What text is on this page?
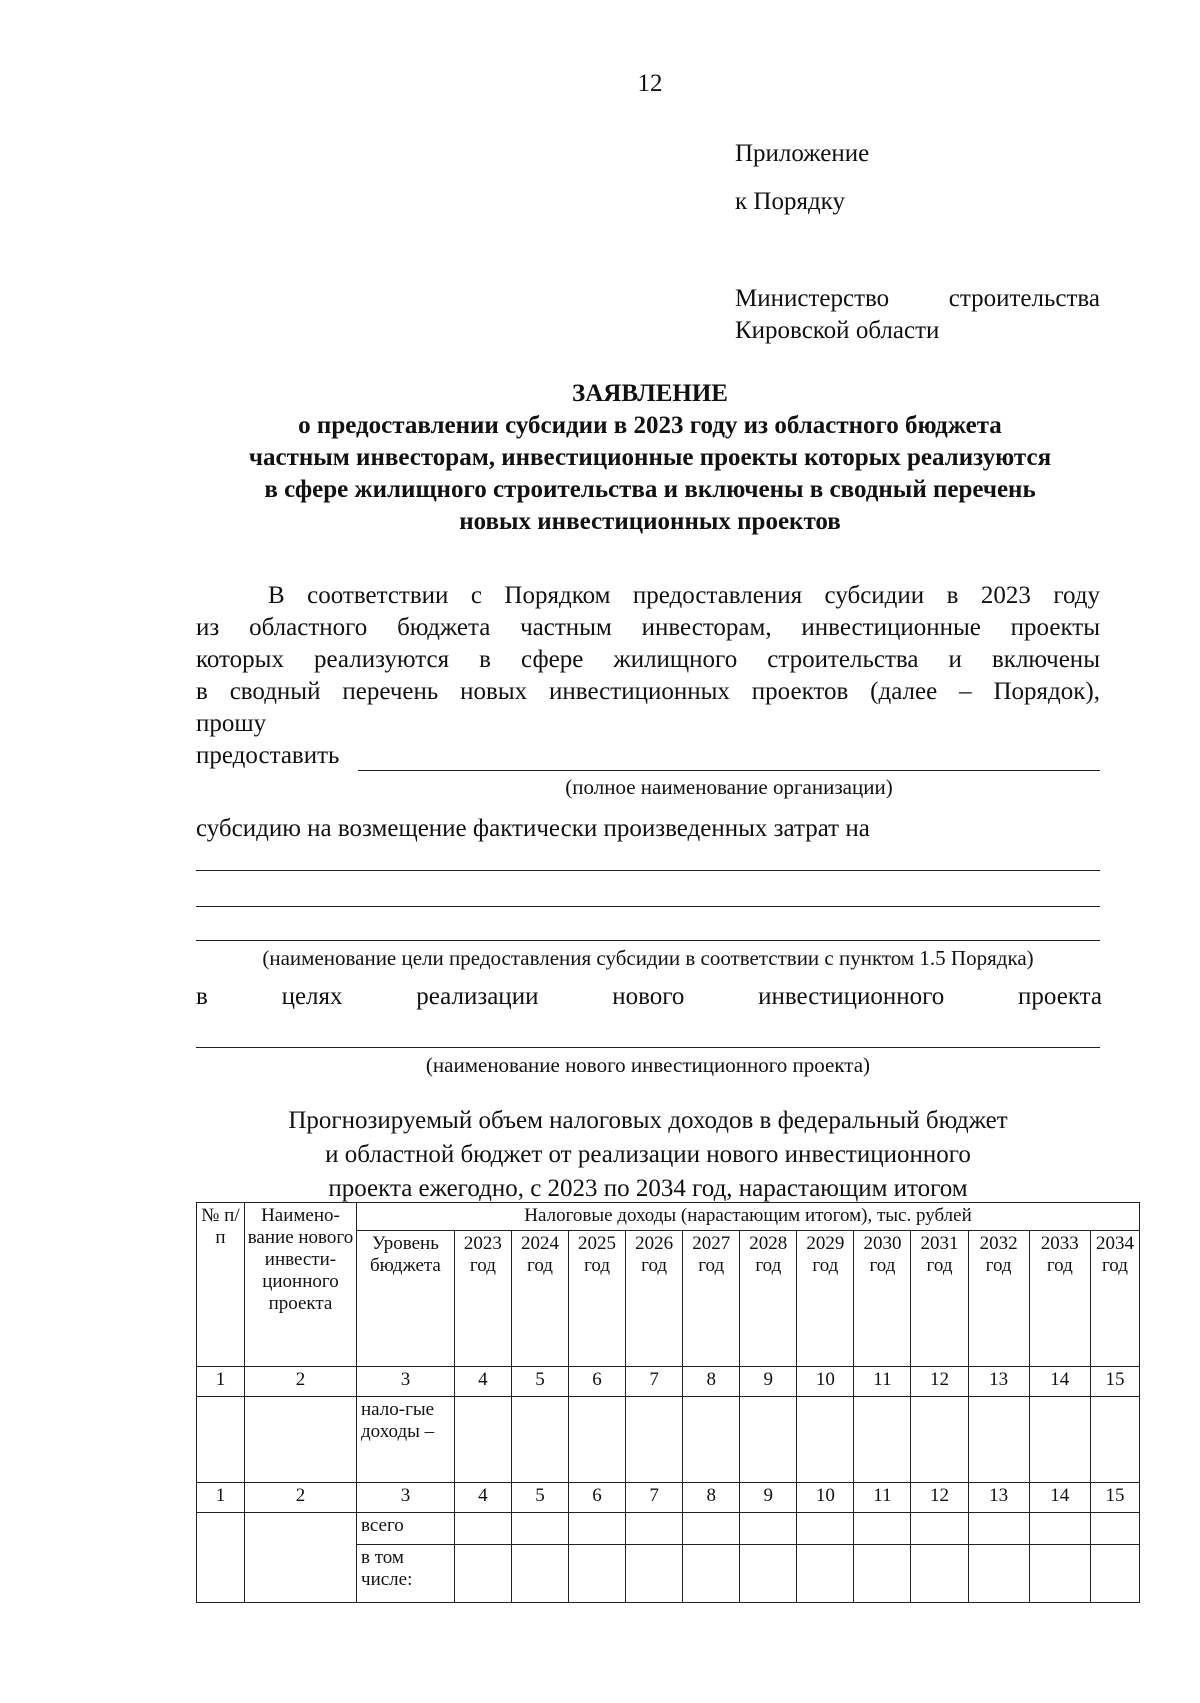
12
Приложение
к Порядку
Министерство строительства
Кировской области
ЗАЯВЛЕНИЕ
о предоставлении субсидии в 2023 году из областного бюджета
частным инвесторам, инвестиционные проекты которых реализуются
в сфере жилищного строительства и включены в сводный перечень
новых инвестиционных проектов
В соответствии с Порядком предоставления субсидии в 2023 году
из областного бюджета частным инвесторам, инвестиционные проекты
которых реализуются в сфере жилищного строительства и включены
в сводный перечень новых инвестиционных проектов (далее – Порядок),
прошу
предоставить
(полное наименование организации)
субсидию на возмещение фактически произведенных затрат на
(наименование цели предоставления субсидии в соответствии с пунктом 1.5 Порядка)
в	целях	реализации	нового	инвестиционного	проекта
(наименование нового инвестиционного проекта)
Прогнозируемый объем налоговых доходов в федеральный бюджет
и областной бюджет от реализации нового инвестиционного
проекта ежегодно, с 2023 по 2034 год, нарастающим итогом
№ п/п	Наимено-вание нового инвести-ционного проекта	Налоговые доходы (нарастающим итогом), тыс. рублей												
		Уровень бюджета	2023 год	2024 год	2025 год	2026 год	2027 год	2028 год	2029 год	2030 год	2031 год	2032 год	2033 год	2034 год
1	2	3	4	5	6	7	8	9	10	11	12	13	14	15
		нало-гые доходы –												
1	2	3	4	5	6	7	8	9	10	11	12	13	14	15
		всего												
		в том числе:												
